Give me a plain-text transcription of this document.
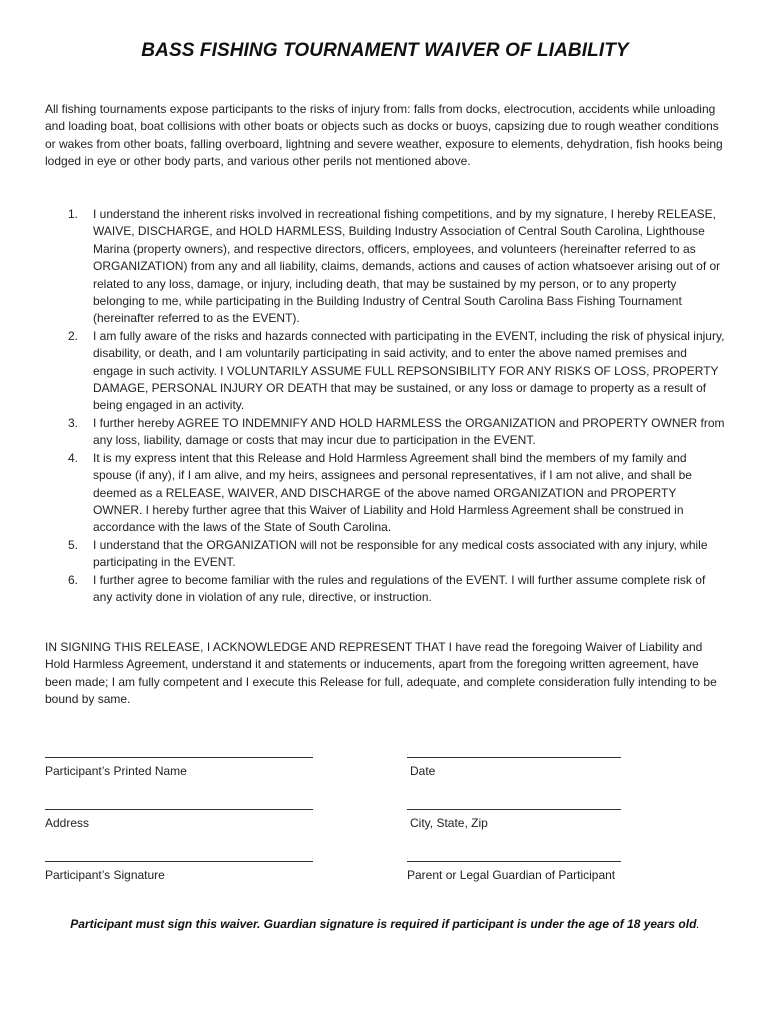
BASS FISHING TOURNAMENT WAIVER OF LIABILITY
All fishing tournaments expose participants to the risks of injury from: falls from docks, electrocution, accidents while unloading and loading boat, boat collisions with other boats or objects such as docks or buoys, capsizing due to rough weather conditions or wakes from other boats, falling overboard, lightning and severe weather, exposure to elements, dehydration, fish hooks being lodged in eye or other body parts, and various other perils not mentioned above.
1. I understand the inherent risks involved in recreational fishing competitions, and by my signature, I hereby RELEASE, WAIVE, DISCHARGE, and HOLD HARMLESS, Building Industry Association of Central South Carolina, Lighthouse Marina (property owners), and respective directors, officers, employees, and volunteers (hereinafter referred to as ORGANIZATION) from any and all liability, claims, demands, actions and causes of action whatsoever arising out of or related to any loss, damage, or injury, including death, that may be sustained by my person, or to any property belonging to me, while participating in the Building Industry of Central South Carolina Bass Fishing Tournament (hereinafter referred to as the EVENT).
2. I am fully aware of the risks and hazards connected with participating in the EVENT, including the risk of physical injury, disability, or death, and I am voluntarily participating in said activity, and to enter the above named premises and engage in such activity. I VOLUNTARILY ASSUME FULL REPSONSIBILITY FOR ANY RISKS OF LOSS, PROPERTY DAMAGE, PERSONAL INJURY OR DEATH that may be sustained, or any loss or damage to property as a result of being engaged in an activity.
3. I further hereby AGREE TO INDEMNIFY AND HOLD HARMLESS the ORGANIZATION and PROPERTY OWNER from any loss, liability, damage or costs that may incur due to participation in the EVENT.
4. It is my express intent that this Release and Hold Harmless Agreement shall bind the members of my family and spouse (if any), if I am alive, and my heirs, assignees and personal representatives, if I am not alive, and shall be deemed as a RELEASE, WAIVER, AND DISCHARGE of the above named ORGANIZATION and PROPERTY OWNER. I hereby further agree that this Waiver of Liability and Hold Harmless Agreement shall be construed in accordance with the laws of the State of South Carolina.
5. I understand that the ORGANIZATION will not be responsible for any medical costs associated with any injury, while participating in the EVENT.
6. I further agree to become familiar with the rules and regulations of the EVENT. I will further assume complete risk of any activity done in violation of any rule, directive, or instruction.
IN SIGNING THIS RELEASE, I ACKNOWLEDGE AND REPRESENT THAT I have read the foregoing Waiver of Liability and Hold Harmless Agreement, understand it and statements or inducements, apart from the foregoing written agreement, have been made; I am fully competent and I execute this Release for full, adequate, and complete consideration fully intending to be bound by same.
Participant’s Printed Name	Date
Address	City, State, Zip
Participant’s Signature	Parent or Legal Guardian of Participant
Participant must sign this waiver. Guardian signature is required if participant is under the age of 18 years old.
